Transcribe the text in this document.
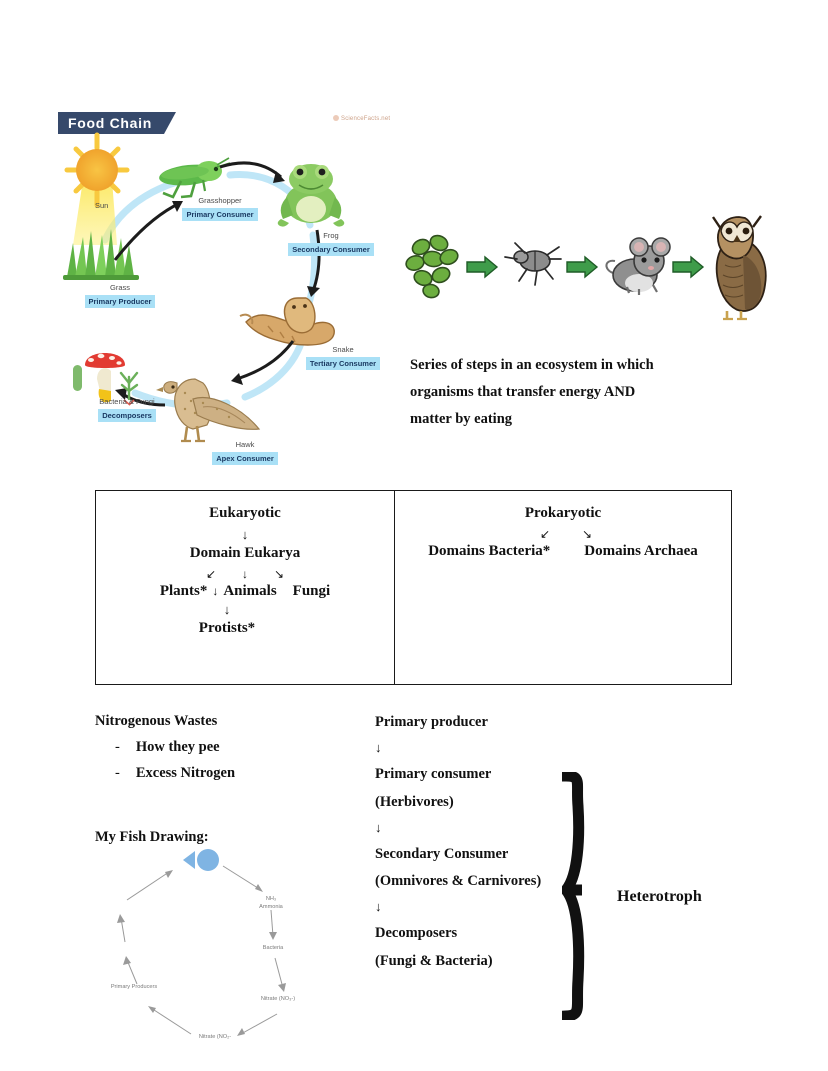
Food Chain	ScienceFacts.net
Sun
Grass
Primary Producer
Grasshopper
Primary Consumer
Frog
Secondary Consumer
Snake
Tertiary Consumer
Hawk
Apex Consumer
Bacteria & Fungi
Decomposers
Series of steps in an ecosystem in which
organisms that transfer energy AND
matter by eating
Eukaryotic
↓
Domain Eukarya
↙ ↓ ↘
Plants* ↓ Animals Fungi
↓
Protists*
Prokaryotic
↙	↘
Domains Bacteria* Domains Archaea
Nitrogenous Wastes
- How they pee
- Excess Nitrogen
My Fish Drawing:
NH₃
Ammonia
Bacteria
Nitrate (NO₃-)
Nitrate (NO₂-
Primary Producers
Primary producer
↓
Primary consumer
(Herbivores)
↓
Secondary Consumer
(Omnivores & Carnivores)
↓
Decomposers
(Fungi & Bacteria)
Heterotroph
